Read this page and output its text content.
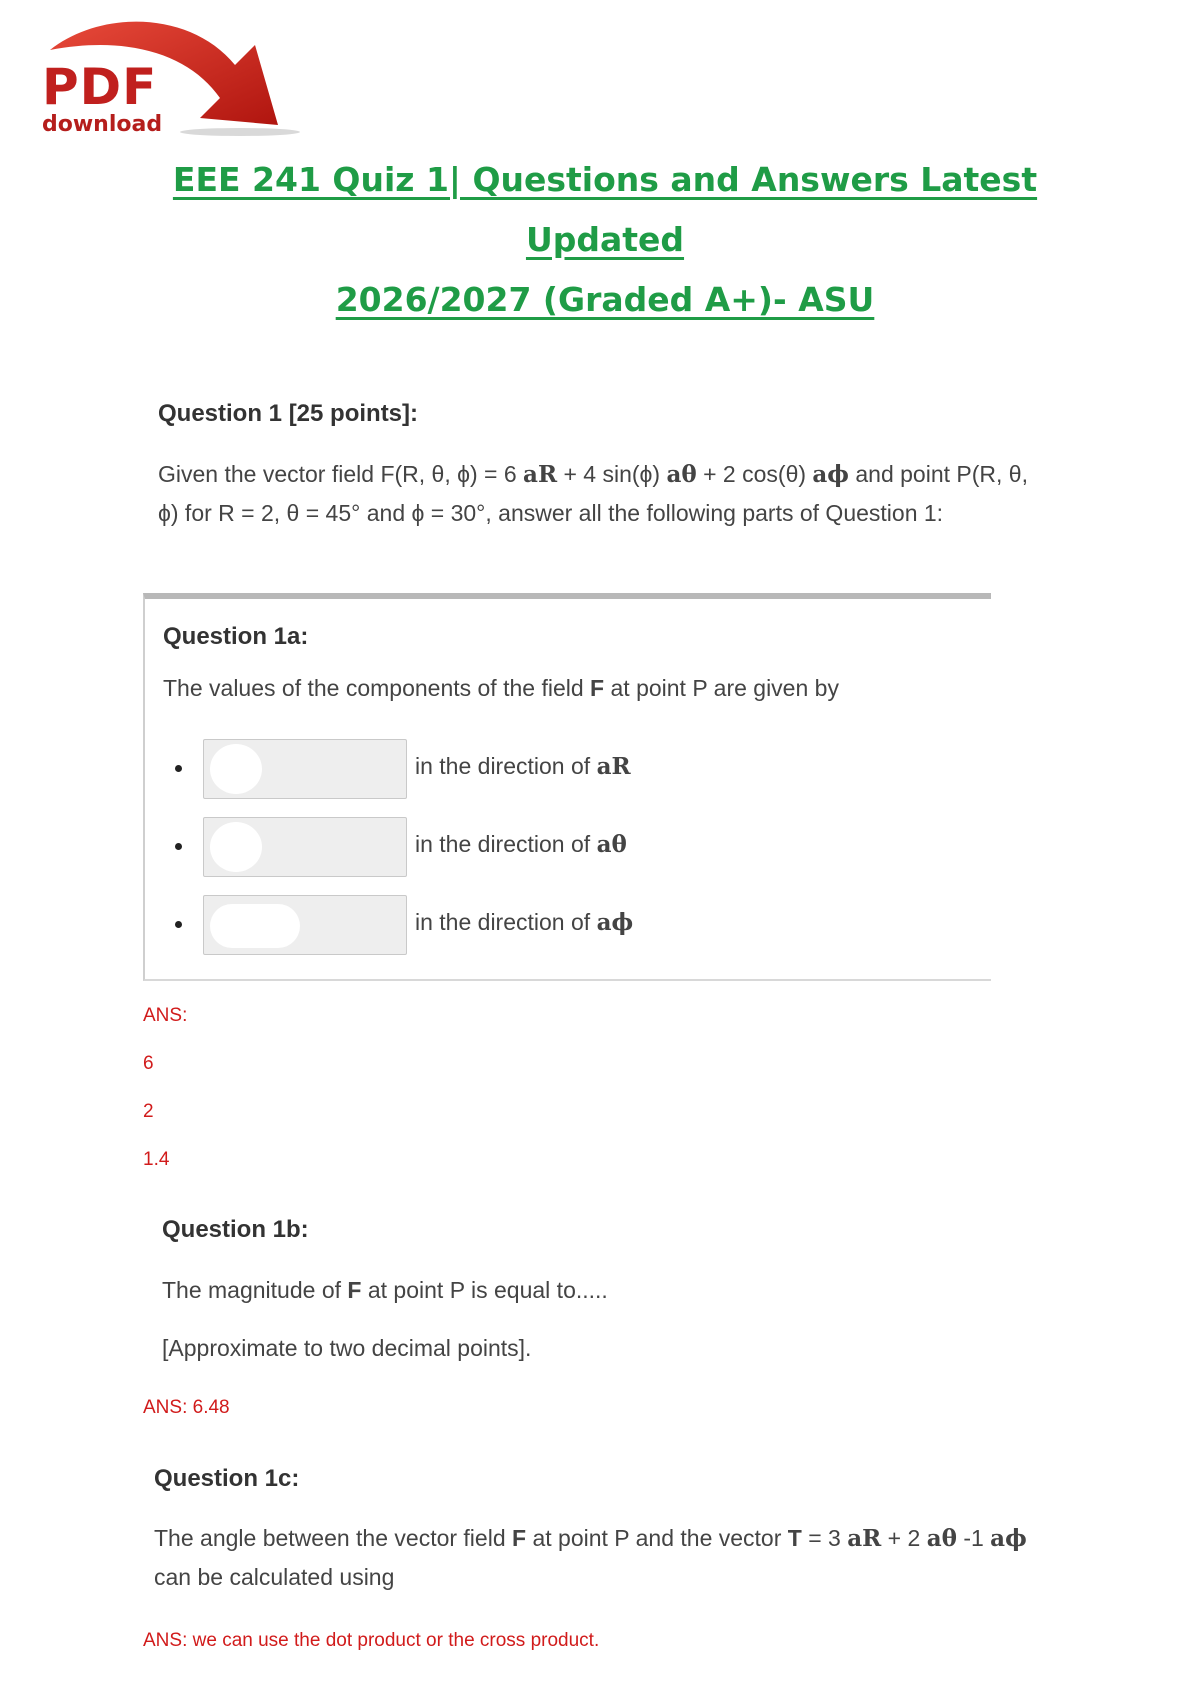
PDF
download
EEE 241 Quiz 1| Questions and Answers Latest Updated
2026/2027 (Graded A+)- ASU
Question 1 [25 points]:
Given the vector field F(R, θ, ϕ) = 6 aR + 4 sin(ϕ) aθ + 2 cos(θ) aϕ and point P(R, θ,
ϕ) for R = 2, θ = 45° and ϕ = 30°, answer all the following parts of Question 1:
Question 1a:
The values of the components of the field F at point P are given by
in the direction of aR
in the direction of aθ
in the direction of aϕ
ANS:
6
2
1.4
Question 1b:
The magnitude of F at point P is equal to.....
[Approximate to two decimal points].
ANS: 6.48
Question 1c:
The angle between the vector field F at point P and the vector T = 3 aR + 2 aθ -1 aϕ
can be calculated using
ANS: we can use the dot product or the cross product.
